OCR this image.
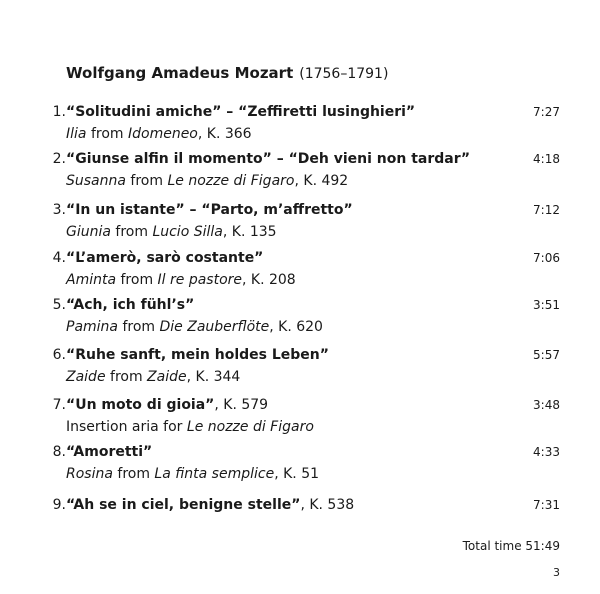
Wolfgang Amadeus Mozart (1756–1791)
1. “Solitudini amiche” – “Zeffiretti lusinghieri”	7:27
Ilia from Idomeneo, K. 366
2. “Giunse alfin il momento” – “Deh vieni non tardar”	4:18
Susanna from Le nozze di Figaro, K. 492
3. “In un istante” – “Parto, m’affretto”	7:12
Giunia from Lucio Silla, K. 135
4. “L’amerò, sarò costante”	7:06
Aminta from Il re pastore, K. 208
5. “Ach, ich fühl’s”	3:51
Pamina from Die Zauberflöte, K. 620
6. “Ruhe sanft, mein holdes Leben”	5:57
Zaide from Zaide, K. 344
7. “Un moto di gioia”, K. 579	3:48
Insertion aria for Le nozze di Figaro
8. “Amoretti”	4:33
Rosina from La finta semplice, K. 51
9. “Ah se in ciel, benigne stelle”, K. 538	7:31
Total time 51:49
3
